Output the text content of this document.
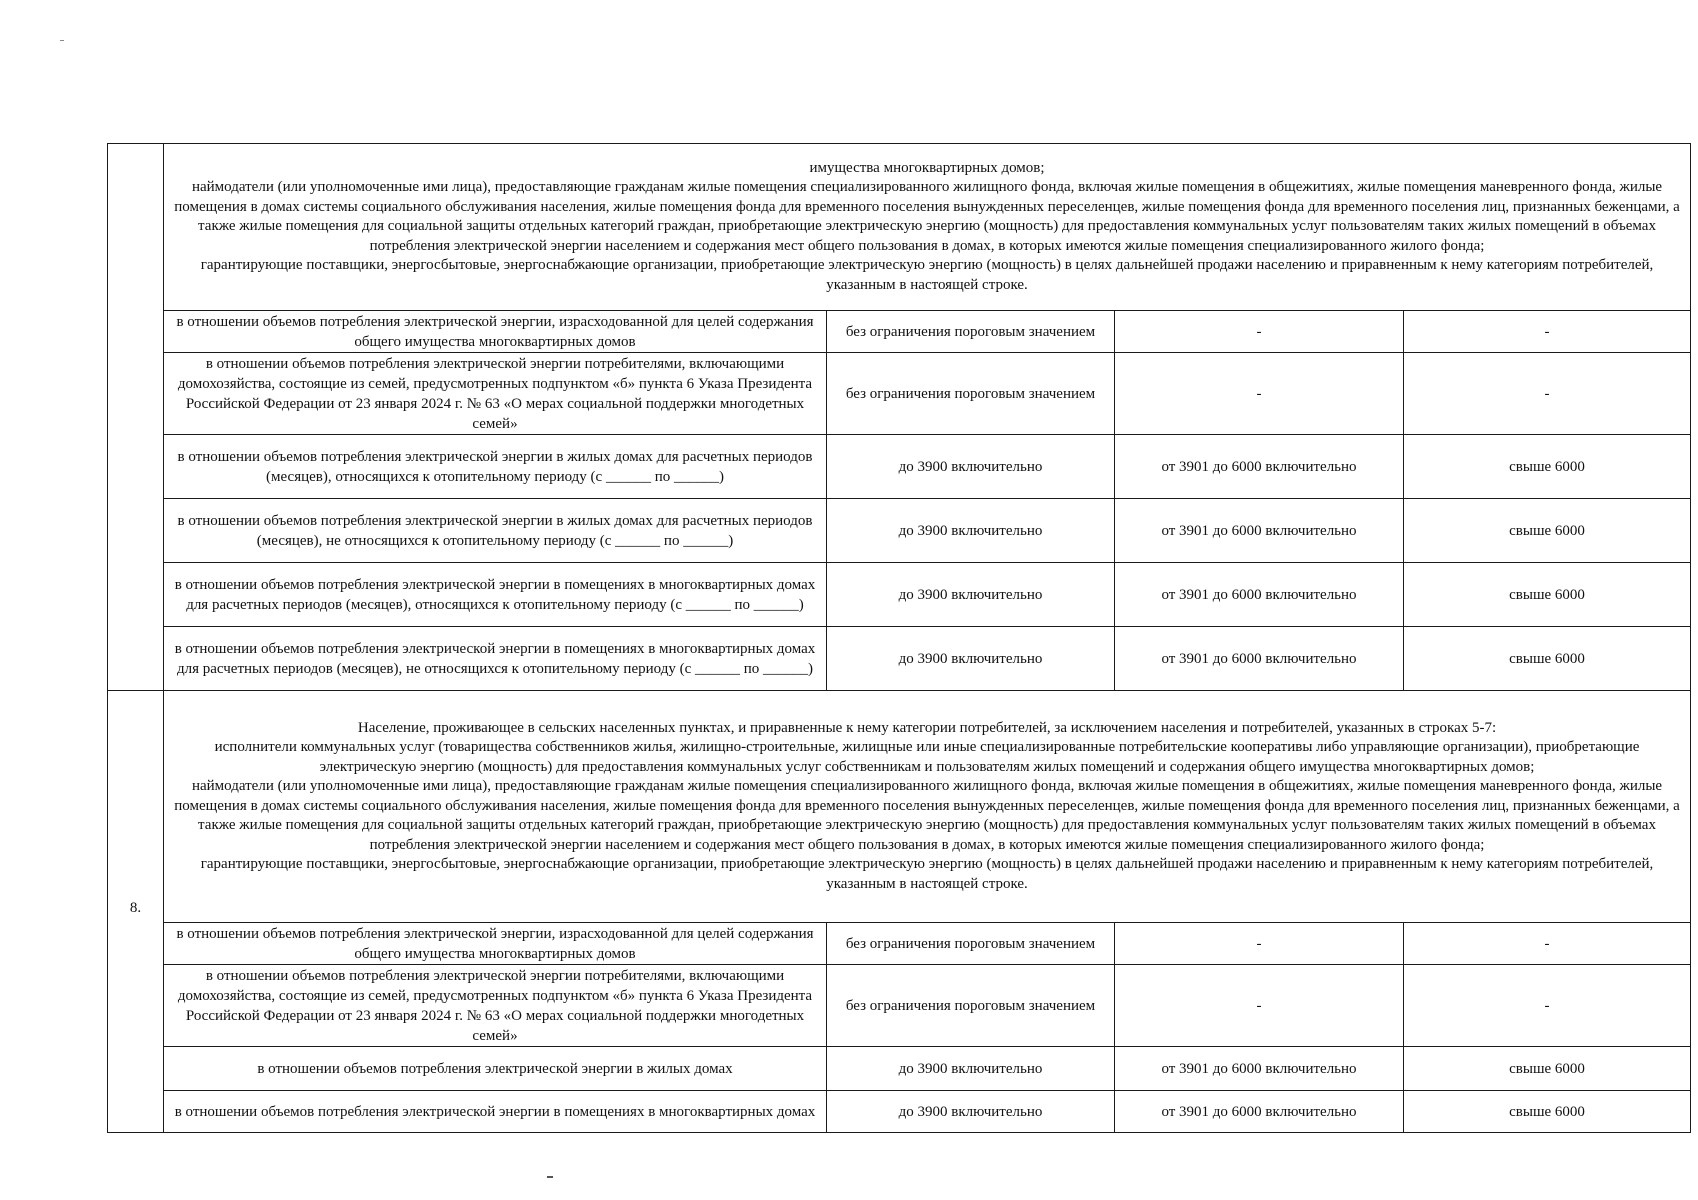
	имущества многоквартирных домов;

наймодатели (или уполномоченные ими лица), предоставляющие гражданам жилые помещения специализированного жилищного фонда, включая жилые помещения в общежитиях, жилые помещения маневренного фонда, жилые помещения в домах системы социального обслуживания населения, жилые помещения фонда для временного поселения вынужденных переселенцев, жилые помещения фонда для временного поселения лиц, признанных беженцами, а также жилые помещения для социальной защиты отдельных категорий граждан, приобретающие электрическую энергию (мощность) для предоставления коммунальных услуг пользователям таких жилых помещений в объемах потребления электрической энергии населением и содержания мест общего пользования в домах, в которых имеются жилые помещения специализированного жилого фонда;

гарантирующие поставщики, энергосбытовые, энергоснабжающие организации, приобретающие электрическую энергию (мощность) в целях дальнейшей продажи населению и приравненным к нему категориям потребителей, указанным в настоящей строке.			

	в отношении объемов потребления электрической энергии, израсходованной для целей содержания общего имущества многоквартирных домов	без ограничения пороговым значением	-	-
	в отношении объемов потребления электрической энергии потребителями, включающими домохозяйства, состоящие из семей, предусмотренных подпунктом «б» пункта 6 Указа Президента Российской Федерации от 23 января 2024 г. № 63 «О мерах социальной поддержки многодетных семей»	без ограничения пороговым значением	-	-
	в отношении объемов потребления электрической энергии в жилых домах для расчетных периодов (месяцев), относящихся к отопительному периоду (с ______ по ______)	до 3900 включительно	от 3901 до 6000 включительно	свыше 6000
	в отношении объемов потребления электрической энергии в жилых домах для расчетных периодов (месяцев), не относящихся к отопительному периоду (с ______ по ______)	до 3900 включительно	от 3901 до 6000 включительно	свыше 6000
	в отношении объемов потребления электрической энергии в помещениях в многоквартирных домах для расчетных периодов (месяцев), относящихся к отопительному периоду (с ______ по ______)	до 3900 включительно	от 3901 до 6000 включительно	свыше 6000
	в отношении объемов потребления электрической энергии в помещениях в многоквартирных домах для расчетных периодов (месяцев), не относящихся к отопительному периоду (с ______ по ______)	до 3900 включительно	от 3901 до 6000 включительно	свыше 6000

8.	Население, проживающее в сельских населенных пунктах, и приравненные к нему категории потребителей, за исключением населения и потребителей, указанных в строках 5-7:

исполнители коммунальных услуг (товарищества собственников жилья, жилищно-строительные, жилищные или иные специализированные потребительские кооперативы либо управляющие организации), приобретающие электрическую энергию (мощность) для предоставления коммунальных услуг собственникам и пользователям жилых помещений и содержания общего имущества многоквартирных домов;

наймодатели (или уполномоченные ими лица), предоставляющие гражданам жилые помещения специализированного жилищного фонда, включая жилые помещения в общежитиях, жилые помещения маневренного фонда, жилые помещения в домах системы социального обслуживания населения, жилые помещения фонда для временного поселения вынужденных переселенцев, жилые помещения фонда для временного поселения лиц, признанных беженцами, а также жилые помещения для социальной защиты отдельных категорий граждан, приобретающие электрическую энергию (мощность) для предоставления коммунальных услуг пользователям таких жилых помещений в объемах потребления электрической энергии населением и содержания мест общего пользования в домах, в которых имеются жилые помещения специализированного жилого фонда;

гарантирующие поставщики, энергосбытовые, энергоснабжающие организации, приобретающие электрическую энергию (мощность) в целях дальнейшей продажи населению и приравненным к нему категориям потребителей, указанным в настоящей строке.			

	в отношении объемов потребления электрической энергии, израсходованной для целей содержания общего имущества многоквартирных домов	без ограничения пороговым значением	-	-
	в отношении объемов потребления электрической энергии потребителями, включающими домохозяйства, состоящие из семей, предусмотренных подпунктом «б» пункта 6 Указа Президента Российской Федерации от 23 января 2024 г. № 63 «О мерах социальной поддержки многодетных семей»	без ограничения пороговым значением	-	-
	в отношении объемов потребления электрической энергии в жилых домах	до 3900 включительно	от 3901 до 6000 включительно	свыше 6000
	в отношении объемов потребления электрической энергии в помещениях в многоквартирных домах	до 3900 включительно	от 3901 до 6000 включительно	свыше 6000
